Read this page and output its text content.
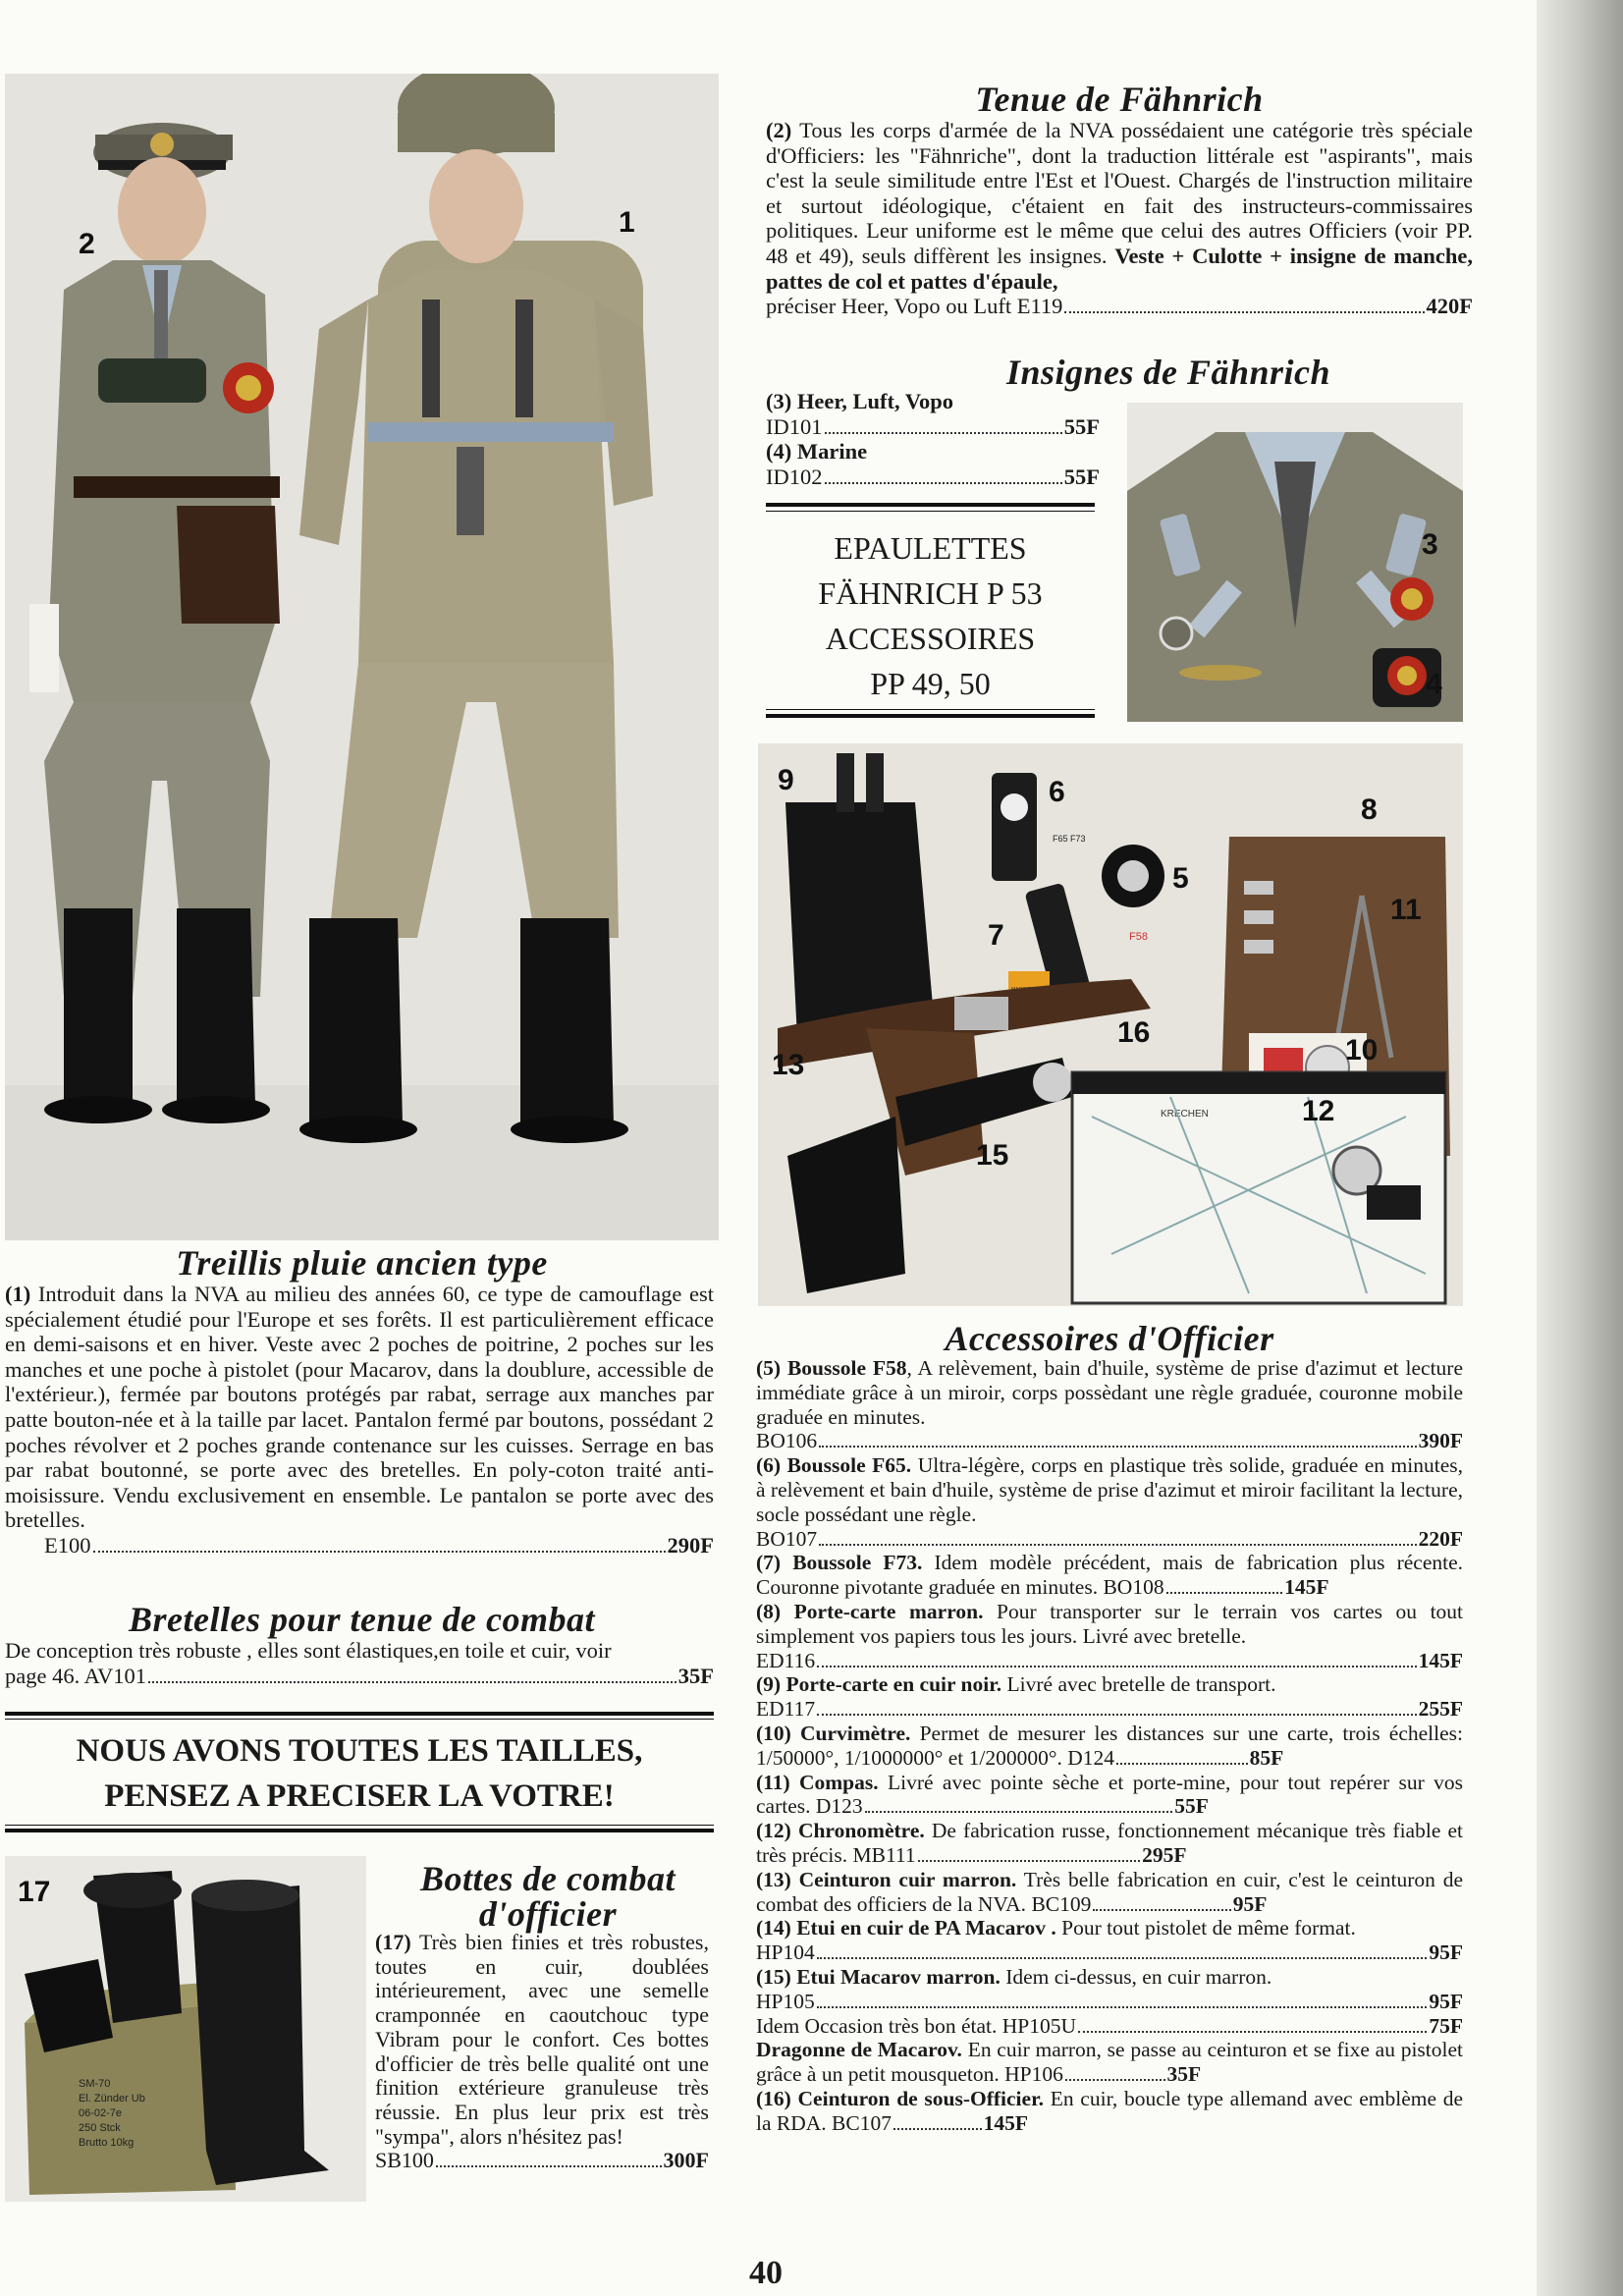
2
1
Tenue de Fähnrich
(2) Tous les corps d'armée de la NVA possédaient une catégorie très spéciale d'Officiers: les "Fähnriche", dont la traduction littérale est "aspirants", mais c'est la seule similitude entre l'Est et l'Ouest. Chargés de l'instruction militaire et surtout idéologique, c'étaient en fait des instructeurs-commissaires politiques. Leur uniforme est le même que celui des autres Officiers (voir PP. 48 et 49), seuls diffèrent les insignes. Veste + Culotte + insigne de manche, pattes de col et pattes d'épaule,
préciser Heer, Vopo ou Luft E119	420F
Insignes de Fähnrich
(3) Heer, Luft, Vopo
ID101	55F
(4) Marine
ID102	55F
EPAULETTES
FÄHNRICH P 53
ACCESSOIRES
PP 49, 50
3
4
F65 F73
F58
KRECHEN
9	6
8
5
11
7
16
13	10
12
15
14
Treillis pluie ancien type
(1) Introduit dans la NVA au milieu des années 60, ce type de camouflage est spécialement étudié pour l'Europe et ses forêts. Il est particulièrement efficace en demi-saisons et en hiver. Veste avec 2 poches de poitrine, 2 poches sur les manches et une poche à pistolet (pour Macarov, dans la doublure, accessible de l'extérieur.), fermée par boutons protégés par rabat, serrage aux manches par patte bouton-née et à la taille par lacet. Pantalon fermé par boutons, possédant 2 poches révolver et 2 poches grande contenance sur les cuisses. Serrage en bas par rabat boutonné, se porte avec des bretelles. En poly-coton traité anti-moisissure. Vendu exclusivement en ensemble. Le pantalon se porte avec des bretelles.
E100	290F
Bretelles pour tenue de combat
De conception très robuste , elles sont élastiques,en toile et cuir, voir
page 46. AV101	35F
NOUS AVONS TOUTES LES TAILLES,
PENSEZ A PRECISER LA VOTRE!
SM-70
El. Zünder Ub
06-02-7e
250 Stck
Brutto 10kg
17	Bottes de combat
d'officier
(17) Très bien finies et très robustes, toutes en cuir, doublées intérieurement, avec une semelle cramponnée en caoutchouc type Vibram pour le confort. Ces bottes d'officier de très belle qualité ont une finition extérieure granuleuse très réussie. En plus leur prix est très "sympa", alors n'hésitez pas!
SB100	300F
Accessoires d'Officier
(5) Boussole F58, A relèvement, bain d'huile, système de prise d'azimut et lecture immédiate grâce à un miroir, corps possèdant une règle graduée, couronne mobile graduée en minutes.
BO106	390F
(6) Boussole F65. Ultra-légère, corps en plastique très solide, graduée en minutes, à relèvement et bain d'huile, système de prise d'azimut et miroir facilitant la lecture, socle possédant une règle.
BO107	220F
(7) Boussole F73. Idem modèle précédent, mais de fabrication plus récente. Couronne pivotante graduée en minutes. BO108	145F
(8) Porte-carte marron. Pour transporter sur le terrain vos cartes ou tout simplement vos papiers tous les jours. Livré avec bretelle.
ED116	145F
(9) Porte-carte en cuir noir. Livré avec bretelle de transport.
ED117	255F
(10) Curvimètre. Permet de mesurer les distances sur une carte, trois échelles: 1/50000°, 1/1000000° et 1/200000°. D124	85F
(11) Compas. Livré avec pointe sèche et porte-mine, pour tout repérer sur vos cartes. D123	55F
(12) Chronomètre. De fabrication russe, fonctionnement mécanique très fiable et très précis. MB111	295F
(13) Ceinturon cuir marron. Très belle fabrication en cuir, c'est le ceinturon de combat des officiers de la NVA. BC109	95F
(14) Etui en cuir de PA Macarov . Pour tout pistolet de même format.
HP104	95F
(15) Etui Macarov marron. Idem ci-dessus, en cuir marron.
HP105	95F
Idem Occasion très bon état.
HP105U	75F
Dragonne de Macarov. En cuir marron, se passe au ceinturon et se fixe au pistolet grâce à un petit mousqueton. HP106	35F
(16) Ceinturon de sous-Officier. En cuir, boucle type allemand avec emblème de la RDA. BC107	145F
40
